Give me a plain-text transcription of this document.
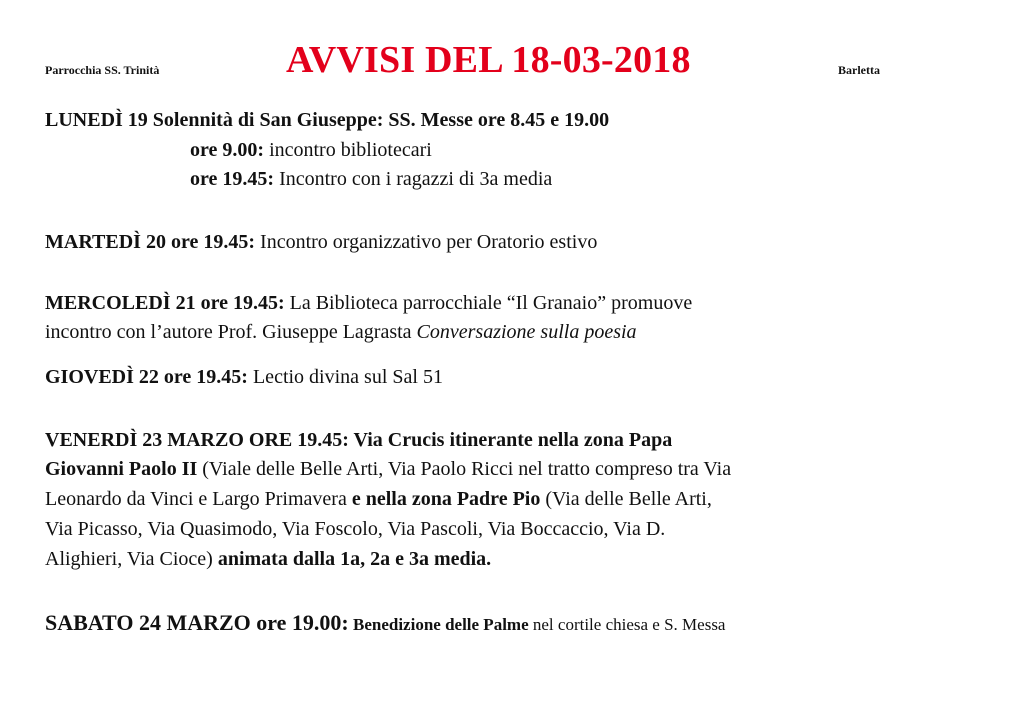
Parrocchia SS. Trinità	AVVISI DEL 18-03-2018	Barletta
LUNEDÌ 19 Solennità di San Giuseppe: SS. Messe ore 8.45 e 19.00
ore 9.00: incontro bibliotecari
ore 19.45: Incontro con i ragazzi di 3a media
MARTEDÌ 20 ore 19.45: Incontro organizzativo per Oratorio estivo
MERCOLEDÌ 21 ore 19.45: La Biblioteca parrocchiale “Il Granaio” promuove
incontro con l’autore Prof. Giuseppe Lagrasta Conversazione sulla poesia
GIOVEDÌ 22 ore 19.45: Lectio divina sul Sal 51
VENERDÌ 23 MARZO ORE 19.45: Via Crucis itinerante nella zona Papa
Giovanni Paolo II (Viale delle Belle Arti, Via Paolo Ricci nel tratto compreso tra Via
Leonardo da Vinci e Largo Primavera e nella zona Padre Pio (Via delle Belle Arti,
Via Picasso, Via Quasimodo, Via Foscolo, Via Pascoli, Via Boccaccio, Via D.
Alighieri, Via Cioce) animata dalla 1a, 2a e 3a media.
SABATO 24 MARZO ore 19.00: Benedizione delle Palme nel cortile chiesa e S. Messa
